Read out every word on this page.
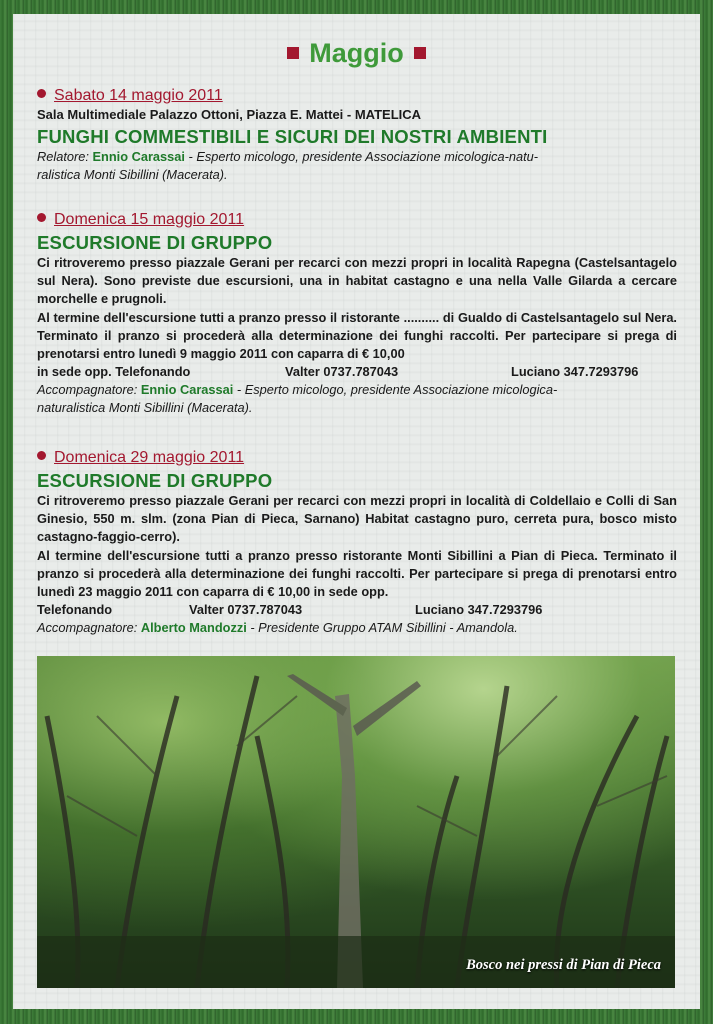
Maggio
Sabato 14 maggio 2011
Sala Multimediale Palazzo Ottoni, Piazza E. Mattei - MATELICA
FUNGHI COMMESTIBILI E SICURI DEI NOSTRI AMBIENTI
Relatore: Ennio Carassai - Esperto micologo, presidente Associazione micologica-natu-
ralistica Monti Sibillini (Macerata).
Domenica 15 maggio 2011
ESCURSIONE DI GRUPPO
Ci ritroveremo presso piazzale Gerani per recarci con mezzi propri in località Rapegna (Castelsantagelo sul Nera). Sono previste due escursioni, una in habitat castagno e una nella Valle Gilarda a cercare morchelle e prugnoli.
Al termine dell'escursione tutti a pranzo presso il ristorante .......... di Gualdo di Castelsantagelo sul Nera. Terminato il pranzo si procederà alla determinazione dei funghi raccolti. Per partecipare si prega di prenotarsi entro lunedì 9 maggio 2011 con caparra di € 10,00
in sede opp. Telefonando	Valter 0737.787043	Luciano 347.7293796
Accompagnatore: Ennio Carassai - Esperto micologo, presidente Associazione micologica-
naturalistica Monti Sibillini (Macerata).
Domenica 29 maggio 2011
ESCURSIONE DI GRUPPO
Ci ritroveremo presso piazzale Gerani per recarci con mezzi propri in località di Coldellaio e Colli di San Ginesio, 550 m. slm. (zona Pian di Pieca, Sarnano) Habitat castagno puro, cerreta pura, bosco misto castagno-faggio-cerro).
Al termine dell'escursione tutti a pranzo presso ristorante Monti Sibillini a Pian di Pieca. Terminato il pranzo si procederà alla determinazione dei funghi raccolti. Per partecipare si prega di prenotarsi entro lunedì 23 maggio 2011 con caparra di € 10,00 in sede opp.
Telefonando	Valter 0737.787043	Luciano 347.7293796
Accompagnatore: Alberto Mandozzi - Presidente Gruppo ATAM Sibillini - Amandola.
Bosco nei pressi di Pian di Pieca
